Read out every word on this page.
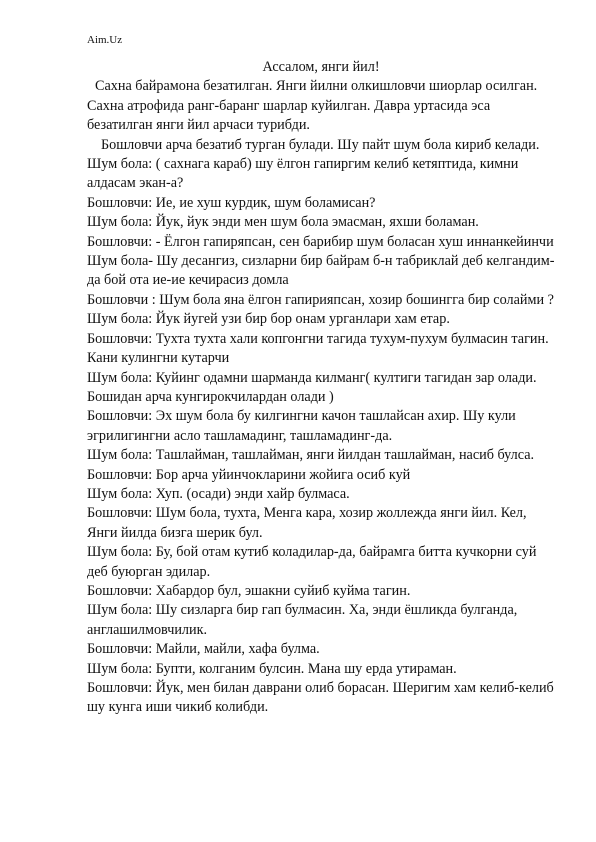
Aim.Uz
Ассалом, янги йил!

Сахна байрамона безатилган. Янги йилни олкишловчи шиорлар осилган. Сахна атрофида ранг-баранг шарлар куйилган. Давра уртасида эса безатилган янги йил арчаси турибди.

Бошловчи арча безатиб турган булади. Шу пайт шум бола кириб келади.

Шум бола: ( сахнага караб) шу ёлгон гапиргим келиб кетяптида, кимни алдасам экан-а?

Бошловчи: Ие, ие хуш курдик, шум боламисан?

Шум бола: Йук, йук энди мен шум бола эмасман, яхши боламан.

Бошловчи: - Ёлгон гапиряпсан, сен барибир шум боласан хуш иннанкейинчи

Шум бола- Шу десангиз, сизларни бир байрам б-н табриклай деб келгандим-да бой ота ие-ие кечирасиз домла

Бошловчи : Шум бола яна ёлгон гапирияпсан, хозир бошингга бир солайми ?

Шум бола: Йук йугей узи бир бор онам урганлари хам етар.

Бошловчи: Тухта тухта хали копгонгни тагида тухум-пухум булмасин тагин. Кани кулингни кутарчи

Шум бола: Куйинг одамни шарманда килманг( култиги тагидан зар олади. Бошидан арча кунгирокчилардан олади )

Бошловчи: Эх шум бола бу килгингни качон ташлайсан ахир. Шу кули эгрилигингни асло ташламадинг, ташламадинг-да.

Шум бола: Ташлайман, ташлайман, янги йилдан ташлайман, насиб булса.

Бошловчи: Бор арча уйинчокларини жойига осиб куй

Шум бола: Хуп. (осади) энди хайр булмаса.

Бошловчи: Шум бола, тухта, Менга кара, хозир жоллежда янги йил. Кел, Янги йилда бизга шерик бул.

Шум бола: Бу, бой отам кутиб коладилар-да, байрамга битта кучкорни суй деб буюрган эдилар.

Бошловчи: Хабардор бул, эшакни суйиб куйма тагин.

Шум бола: Шу сизларга бир гап булмасин. Ха, энди ёшликда булганда, англашилмовчилик.

Бошловчи: Майли, майли, хафа булма.

Шум бола: Бупти, колганим булсин. Мана шу ерда утираман.

Бошловчи: Йук, мен билан даврани олиб борасан. Шеригим хам келиб-келиб шу кунга иши чикиб колибди.
